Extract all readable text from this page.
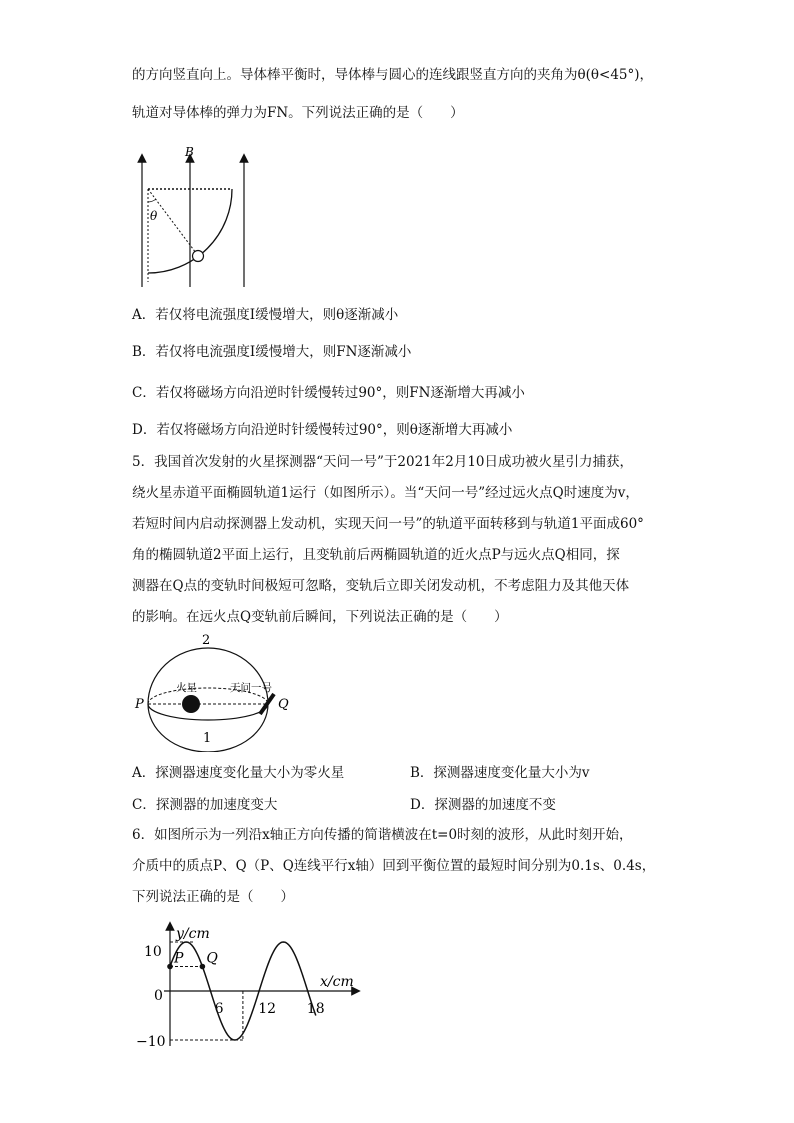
的方向竖直向上。导体棒平衡时，导体棒与圆心的连线跟竖直方向的夹角为θ(θ<45°)，
轨道对导体棒的弹力为FN。下列说法正确的是（　　）
B
θ
A．若仅将电流强度I缓慢增大，则θ逐渐减小
B．若仅将电流强度I缓慢增大，则FN逐渐减小
C．若仅将磁场方向沿逆时针缓慢转过90°，则FN逐渐增大再减小
D．若仅将磁场方向沿逆时针缓慢转过90°，则θ逐渐增大再减小
5．我国首次发射的火星探测器“天问一号”于2021年2月10日成功被火星引力捕获，
绕火星赤道平面椭圆轨道1运行（如图所示）。当“天问一号”经过远火点Q时速度为v，
若短时间内启动探测器上发动机，实现天问一号”的轨道平面转移到与轨道1平面成60°
角的椭圆轨道2平面上运行，且变轨前后两椭圆轨道的近火点P与远火点Q相同，探
测器在Q点的变轨时间极短可忽略，变轨后立即关闭发动机，不考虑阻力及其他天体
的影响。在远火点Q变轨前后瞬间，下列说法正确的是（　　）
2
火星	天问一号
P	Q
1
A．探测器速度变化量大小为零火星	B．探测器速度变化量大小为v
C．探测器的加速度变大	D．探测器的加速度不变
6．如图所示为一列沿x轴正方向传播的简谐横波在t=0时刻的波形，从此时刻开始，
介质中的质点P、Q（P、Q连线平行x轴）回到平衡位置的最短时间分别为0.1s、0.4s，
下列说法正确的是（　　）
y/cm
x/cm
10
0
−10
6 12 18
P Q
